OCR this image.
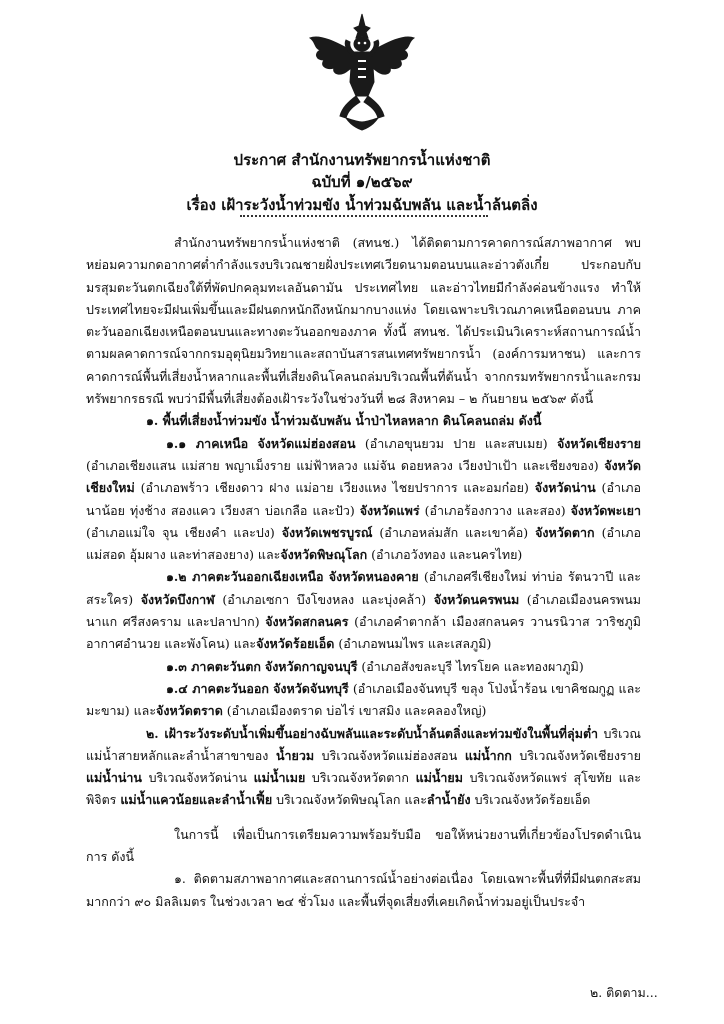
ประกาศ สำนักงานทรัพยากรน้ำแห่งชาติ
ฉบับที่ ๑/๒๕๖๙
เรื่อง เฝ้าระวังน้ำท่วมขัง น้ำท่วมฉับพลัน และน้ำล้นตลิ่ง

สำนักงานทรัพยากรน้ำแห่งชาติ (สทนช.) ได้ติดตามการคาดการณ์สภาพอากาศ พบหย่อมความกดอากาศต่ำกำลังแรงบริเวณชายฝั่งประเทศเวียดนามตอนบนและอ่าวตังเกี๋ย ประกอบกับมรสุมตะวันตกเฉียงใต้ที่พัดปกคลุมทะเลอันดามัน ประเทศไทย และอ่าวไทยมีกำลังค่อนข้างแรง ทำให้ประเทศไทยจะมีฝนเพิ่มขึ้นและมีฝนตกหนักถึงหนักมากบางแห่ง โดยเฉพาะบริเวณภาคเหนือตอนบน ภาคตะวันออกเฉียงเหนือตอนบนและทางตะวันออกของภาค ทั้งนี้ สทนช. ได้ประเมินวิเคราะห์สถานการณ์น้ำตามผลคาดการณ์จากกรมอุตุนิยมวิทยาและสถาบันสารสนเทศทรัพยากรน้ำ (องค์การมหาชน) และการคาดการณ์พื้นที่เสี่ยงน้ำหลากและพื้นที่เสี่ยงดินโคลนถล่มบริเวณพื้นที่ต้นน้ำ จากกรมทรัพยากรน้ำและกรมทรัพยากรธรณี พบว่ามีพื้นที่เสี่ยงต้องเฝ้าระวังในช่วงวันที่ ๒๘ สิงหาคม – ๒ กันยายน ๒๕๖๙ ดังนี้

๑. พื้นที่เสี่ยงน้ำท่วมขัง น้ำท่วมฉับพลัน น้ำป่าไหลหลาก ดินโคลนถล่ม ดังนี้

๑.๑ ภาคเหนือ จังหวัดแม่ฮ่องสอน (อำเภอขุนยวม ปาย และสบเมย) จังหวัดเชียงราย (อำเภอเชียงแสน แม่สาย พญาเม็งราย แม่ฟ้าหลวง แม่จัน ดอยหลวง เวียงป่าเป้า และเชียงของ) จังหวัดเชียงใหม่ (อำเภอพร้าว เชียงดาว ฝาง แม่อาย เวียงแหง ไชยปราการ และอมก๋อย) จังหวัดน่าน (อำเภอนาน้อย ทุ่งช้าง สองแคว เวียงสา บ่อเกลือ และปัว) จังหวัดแพร่ (อำเภอร้องกวาง และสอง) จังหวัดพะเยา (อำเภอแม่ใจ จุน เชียงคำ และปง) จังหวัดเพชรบูรณ์ (อำเภอหล่มสัก และเขาค้อ) จังหวัดตาก (อำเภอแม่สอด อุ้มผาง และท่าสองยาง) และจังหวัดพิษณุโลก (อำเภอวังทอง และนครไทย)

๑.๒ ภาคตะวันออกเฉียงเหนือ จังหวัดหนองคาย (อำเภอศรีเชียงใหม่ ท่าบ่อ รัตนวาปี และสระใคร) จังหวัดบึงกาฬ (อำเภอเซกา บึงโขงหลง และบุ่งคล้า) จังหวัดนครพนม (อำเภอเมืองนครพนม นาแก ศรีสงคราม และปลาปาก) จังหวัดสกลนคร (อำเภอคำตากล้า เมืองสกลนคร วานรนิวาส วาริชภูมิ อากาศอำนวย และพังโคน) และจังหวัดร้อยเอ็ด (อำเภอพนมไพร และเสลภูมิ)

๑.๓ ภาคตะวันตก จังหวัดกาญจนบุรี (อำเภอสังขละบุรี ไทรโยค และทองผาภูมิ)

๑.๔ ภาคตะวันออก จังหวัดจันทบุรี (อำเภอเมืองจันทบุรี ขลุง โป่งน้ำร้อน เขาคิชฌกูฏ และมะขาม) และจังหวัดตราด (อำเภอเมืองตราด บ่อไร่ เขาสมิง และคลองใหญ่)

๒. เฝ้าระวังระดับน้ำเพิ่มขึ้นอย่างฉับพลันและระดับน้ำล้นตลิ่งและท่วมขังในพื้นที่ลุ่มต่ำ บริเวณแม่น้ำสายหลักและลำน้ำสาขาของ น้ำยวม บริเวณจังหวัดแม่ฮ่องสอน แม่น้ำกก บริเวณจังหวัดเชียงราย แม่น้ำน่าน บริเวณจังหวัดน่าน แม่น้ำเมย บริเวณจังหวัดตาก แม่น้ำยม บริเวณจังหวัดแพร่ สุโขทัย และพิจิตร แม่น้ำแควน้อยและลำน้ำเฟี้ย บริเวณจังหวัดพิษณุโลก และลำน้ำยัง บริเวณจังหวัดร้อยเอ็ด

ในการนี้ เพื่อเป็นการเตรียมความพร้อมรับมือ ขอให้หน่วยงานที่เกี่ยวข้องโปรดดำเนินการ ดังนี้

๑. ติดตามสภาพอากาศและสถานการณ์น้ำอย่างต่อเนื่อง โดยเฉพาะพื้นที่ที่มีฝนตกสะสมมากกว่า ๙๐ มิลลิเมตร ในช่วงเวลา ๒๔ ชั่วโมง และพื้นที่จุดเสี่ยงที่เคยเกิดน้ำท่วมอยู่เป็นประจำ

๒. ติดตาม...
